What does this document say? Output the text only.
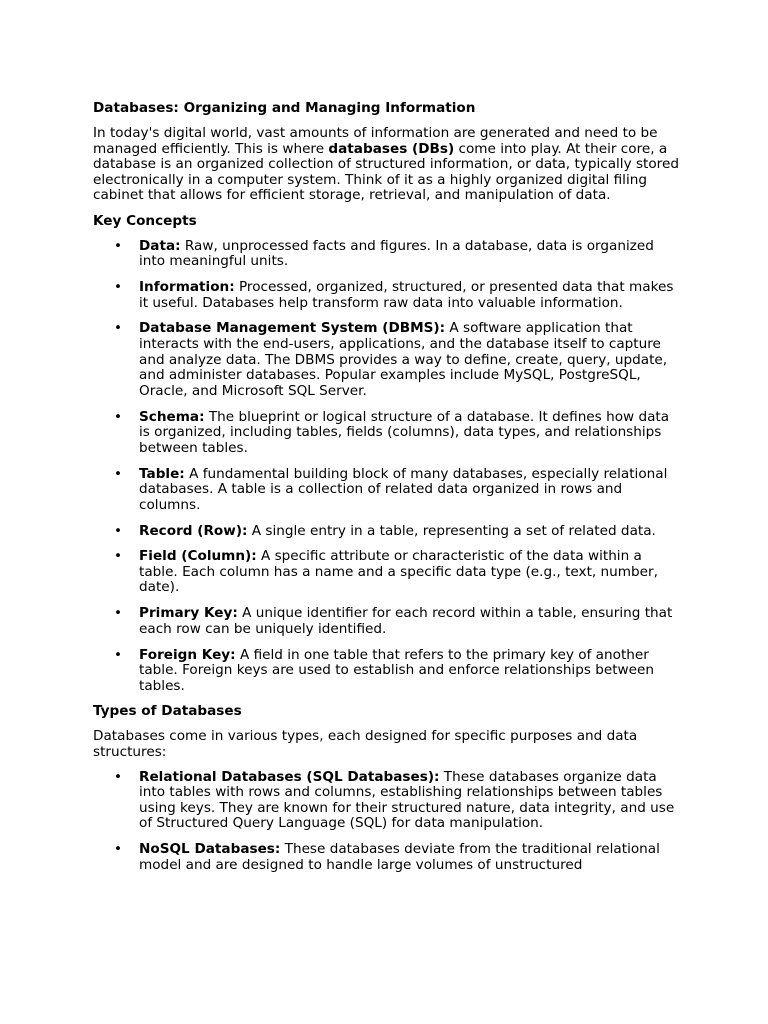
Databases: Organizing and Managing Information

In today's digital world, vast amounts of information are generated and need to be managed efficiently. This is where databases (DBs) come into play. At their core, a database is an organized collection of structured information, or data, typically stored electronically in a computer system. Think of it as a highly organized digital filing cabinet that allows for efficient storage, retrieval, and manipulation of data.

Key Concepts
• Data: Raw, unprocessed facts and figures. In a database, data is organized into meaningful units.
• Information: Processed, organized, structured, or presented data that makes it useful. Databases help transform raw data into valuable information.
• Database Management System (DBMS): A software application that interacts with the end-users, applications, and the database itself to capture and analyze data. The DBMS provides a way to define, create, query, update, and administer databases. Popular examples include MySQL, PostgreSQL, Oracle, and Microsoft SQL Server.
• Schema: The blueprint or logical structure of a database. It defines how data is organized, including tables, fields (columns), data types, and relationships between tables.
• Table: A fundamental building block of many databases, especially relational databases. A table is a collection of related data organized in rows and columns.
• Record (Row): A single entry in a table, representing a set of related data.
• Field (Column): A specific attribute or characteristic of the data within a table. Each column has a name and a specific data type (e.g., text, number, date).
• Primary Key: A unique identifier for each record within a table, ensuring that each row can be uniquely identified.
• Foreign Key: A field in one table that refers to the primary key of another table. Foreign keys are used to establish and enforce relationships between tables.
Types of Databases

Databases come in various types, each designed for specific purposes and data structures:

• Relational Databases (SQL Databases): These databases organize data into tables with rows and columns, establishing relationships between tables using keys. They are known for their structured nature, data integrity, and use of Structured Query Language (SQL) for data manipulation.
• NoSQL Databases: These databases deviate from the traditional relational model and are designed to handle large volumes of unstructured
